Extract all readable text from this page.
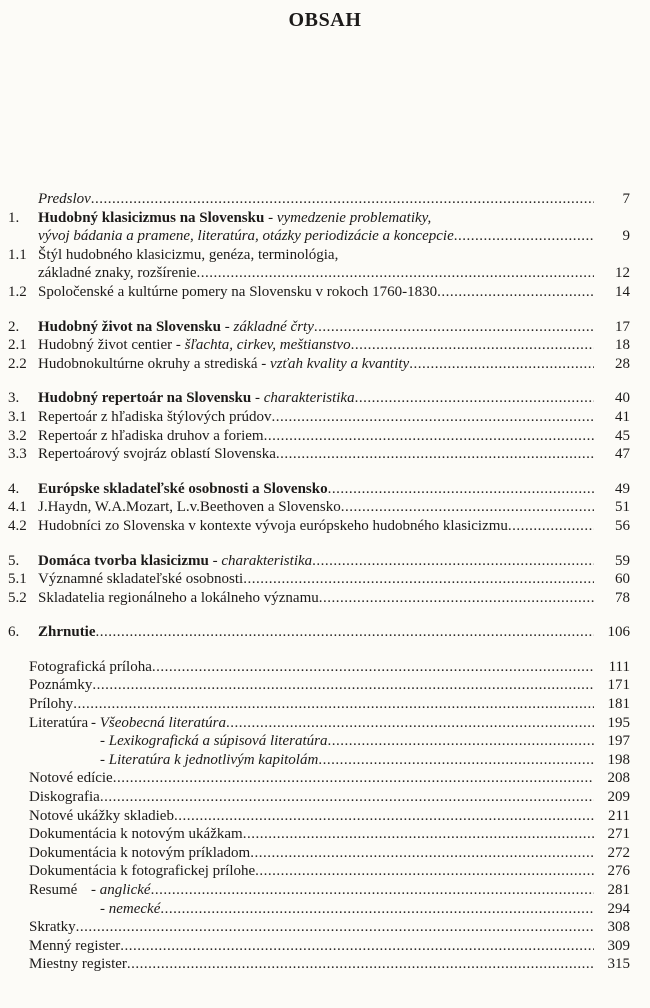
OBSAH
Predslov .....	7
1.	Hudobný klasicizmus na Slovensku - vymedzenie problematiky,
vývoj bádania a pramene, literatúra, otázky periodizácie a koncepcie .....	9
1.1 Štýl hudobného klasicizmu, genéza, terminológia,
základné znaky, rozšírenie .....	12
1.2 Spoločenské a kultúrne pomery na Slovensku v rokoch 1760-1830 .....	14
2.	Hudobný život na Slovensku - základné črty .....	17
2.1 Hudobný život centier - šľachta, cirkev, meštianstvo .....	18
2.2 Hudobnokultúrne okruhy a strediská - vzťah kvality a kvantity .....	28
3.	Hudobný repertoár na Slovensku - charakteristika .....	40
3.1 Repertoár z hľadiska štýlových prúdov .....	41
3.2 Repertoár z hľadiska druhov a foriem .....	45
3.3 Repertoárový svojráz oblastí Slovenska .....	47
4.	Európske skladateľské osobnosti a Slovensko .....	49
4.1 J.Haydn, W.A.Mozart, L.v.Beethoven a Slovensko .....	51
4.2 Hudobníci zo Slovenska v kontexte vývoja európskeho hudobného klasicizmu .....	56
5.	Domáca tvorba klasicizmu - charakteristika .....	59
5.1 Významné skladateľské osobnosti .....	60
5.2 Skladatelia regionálneho a lokálneho významu .....	78
6.	Zhrnutie .....	106
Fotografická príloha .....	111
Poznámky .....	171
Prílohy .....	181
Literatúra - Všeobecná literatúra .....	195
- Lexikografická a súpisová literatúra .....	197
- Literatúra k jednotlivým kapitolám .....	198
Notové edície .....	208
Diskografia .....	209
Notové ukážky skladieb .....	211
Dokumentácia k notovým ukážkam .....	271
Dokumentácia k notovým príkladom .....	272
Dokumentácia k fotografickej prílohe .....	276
Resumé - anglické .....	281
- nemecké .....	294
Skratky .....	308
Menný register .....	309
Miestny register .....	315
